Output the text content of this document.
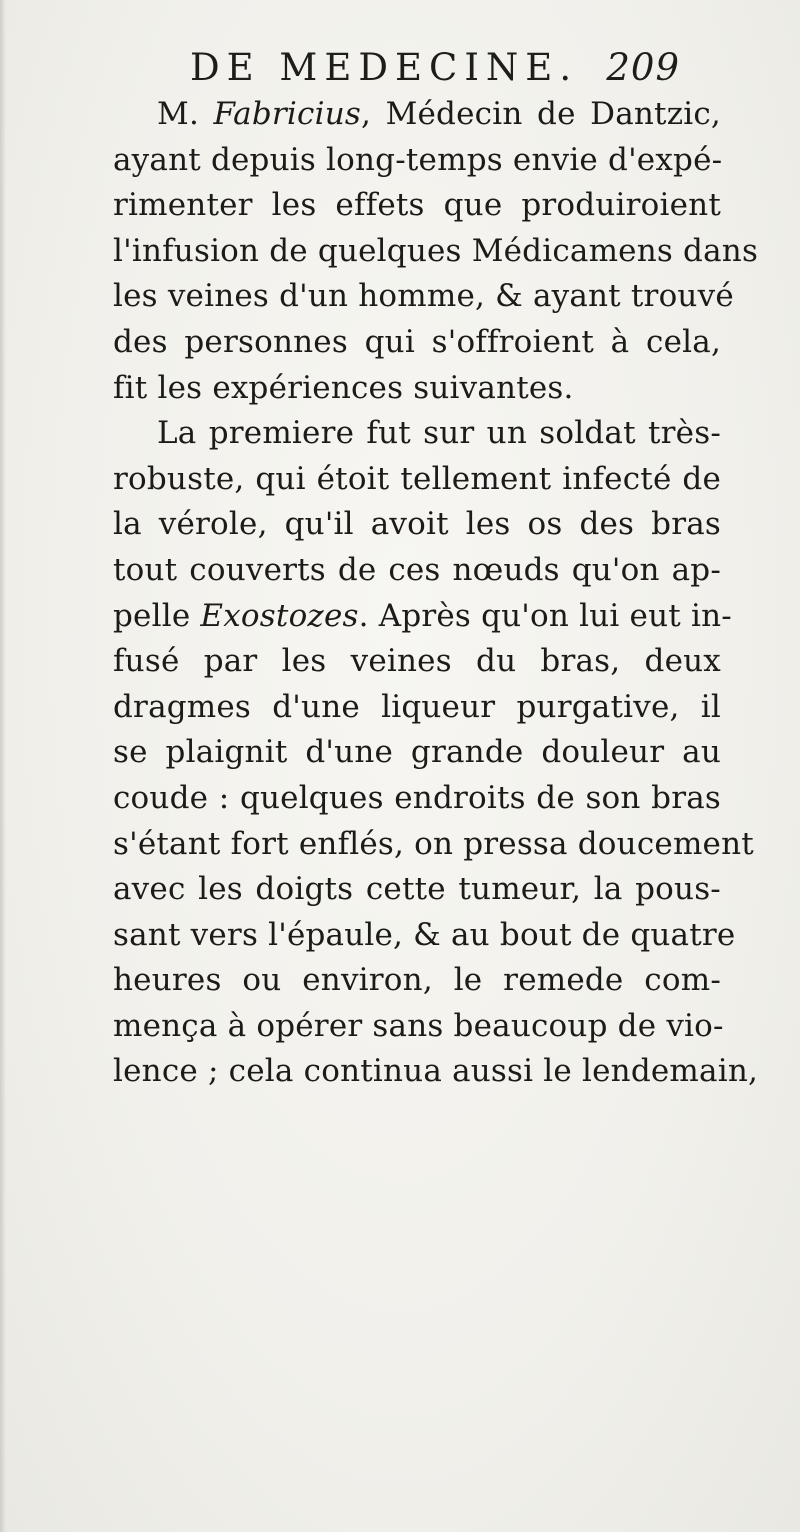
DE MEDECINE. 209
M. Fabricius, Médecin de Dantzic,
ayant depuis long-temps envie d'expé-
rimenter les effets que produiroient
l'infusion de quelques Médicamens dans
les veines d'un homme, & ayant trouvé
des personnes qui s'offroient à cela,
fit les expériences suivantes.
La premiere fut sur un soldat très-
robuste, qui étoit tellement infecté de
la vérole, qu'il avoit les os des bras
tout couverts de ces nœuds qu'on ap-
pelle Exostozes. Après qu'on lui eut in-
fusé par les veines du bras, deux
dragmes d'une liqueur purgative, il
se plaignit d'une grande douleur au
coude : quelques endroits de son bras
s'étant fort enflés, on pressa doucement
avec les doigts cette tumeur, la pous-
sant vers l'épaule, & au bout de quatre
heures ou environ, le remede com-
mença à opérer sans beaucoup de vio-
lence ; cela continua aussi le lendemain,
